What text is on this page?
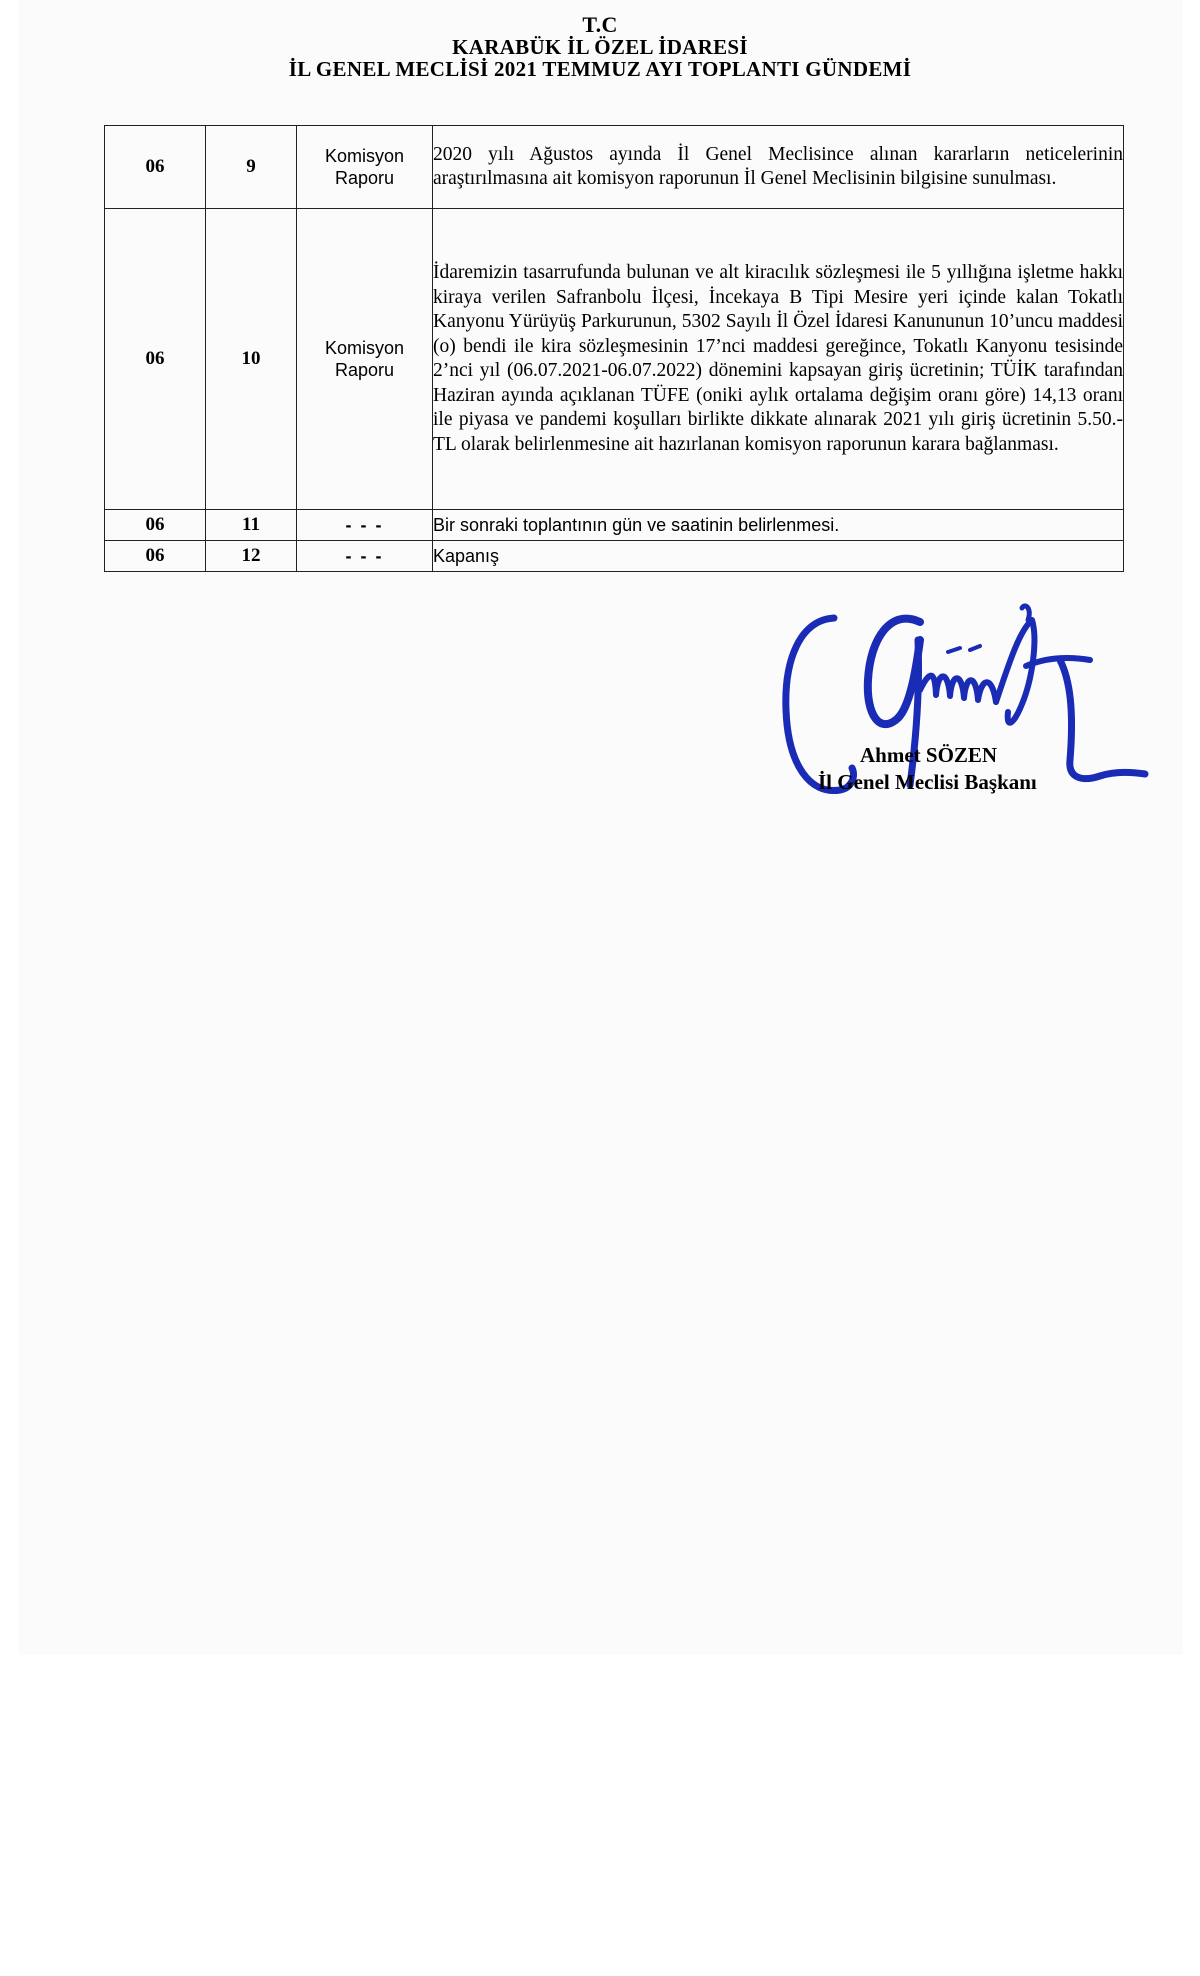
T.C
KARABÜK İL ÖZEL İDARESİ
İL GENEL MECLİSİ 2021 TEMMUZ AYI TOPLANTI GÜNDEMİ
06	9	Komisyon Raporu	2020 yılı Ağustos ayında İl Genel Meclisince alınan kararların neticelerinin araştırılmasına ait komisyon raporunun İl Genel Meclisinin bilgisine sunulması.
06	10	Komisyon Raporu	İdaremizin tasarrufunda bulunan ve alt kiracılık sözleşmesi ile 5 yıllığına işletme hakkı kiraya verilen Safranbolu İlçesi, İncekaya B Tipi Mesire yeri içinde kalan Tokatlı Kanyonu Yürüyüş Parkurunun, 5302 Sayılı İl Özel İdaresi Kanununun 10’uncu maddesi (o) bendi ile kira sözleşmesinin 17’nci maddesi gereğince, Tokatlı Kanyonu tesisinde 2’nci yıl (06.07.2021-06.07.2022) dönemini kapsayan giriş ücretinin; TÜİK tarafından Haziran ayında açıklanan TÜFE (oniki aylık ortalama değişim oranı göre) 14,13 oranı ile piyasa ve pandemi koşulları birlikte dikkate alınarak 2021 yılı giriş ücretinin 5.50.- TL olarak belirlenmesine ait hazırlanan komisyon raporunun karara bağlanması.
06	11	- - -	Bir sonraki toplantının gün ve saatinin belirlenmesi.
06	12	- - -	Kapanış
Ahmet SÖZEN
İl Genel Meclisi Başkanı
